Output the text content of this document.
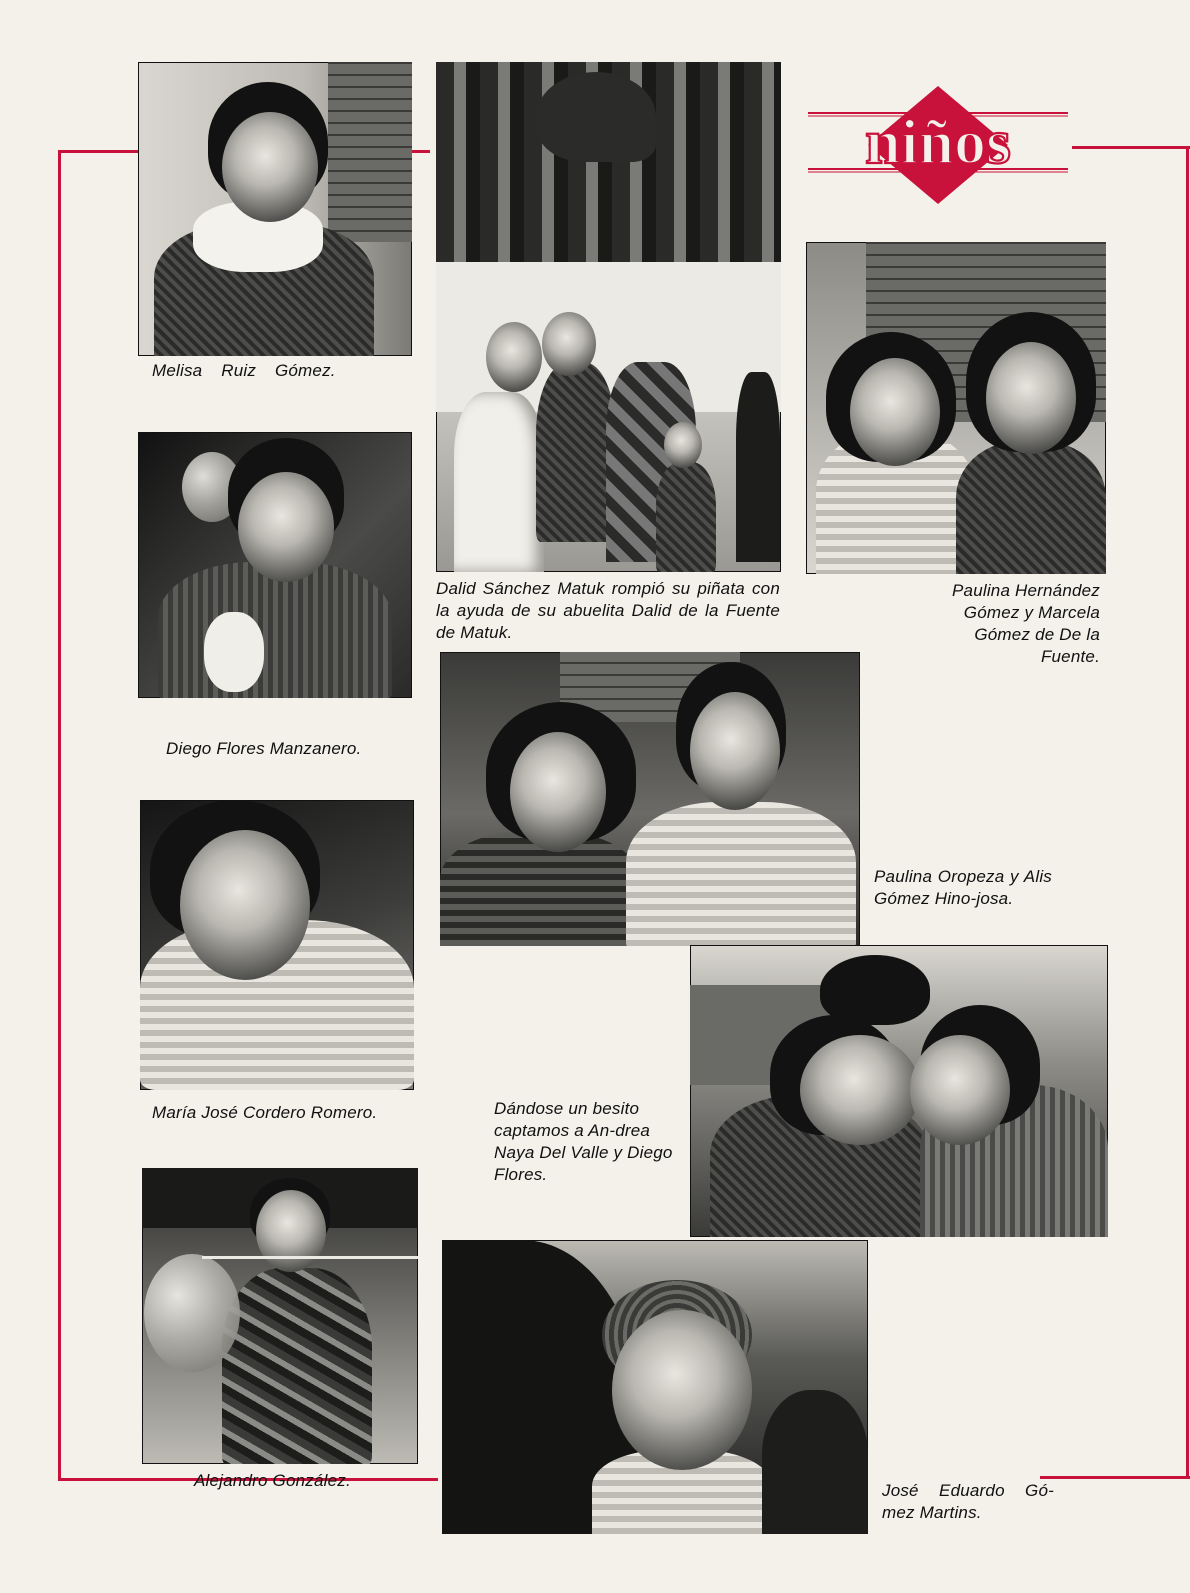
niños

Melisa Ruiz Gómez.

Dalid Sánchez Matuk rompió su piñata con la ayuda de su abuelita Dalid de la Fuente de Matuk.

Paulina Hernández Gómez y Marcela Gómez de De la Fuente.

Diego Flores Manzanero.

Paulina Oropeza y Alis Gómez Hino-josa.

María José Cordero Romero.	Dándose un besito captamos a An-drea Naya Del Valle y Diego Flores.

Alejandro González.

José Eduardo Gó-mez Martins.
